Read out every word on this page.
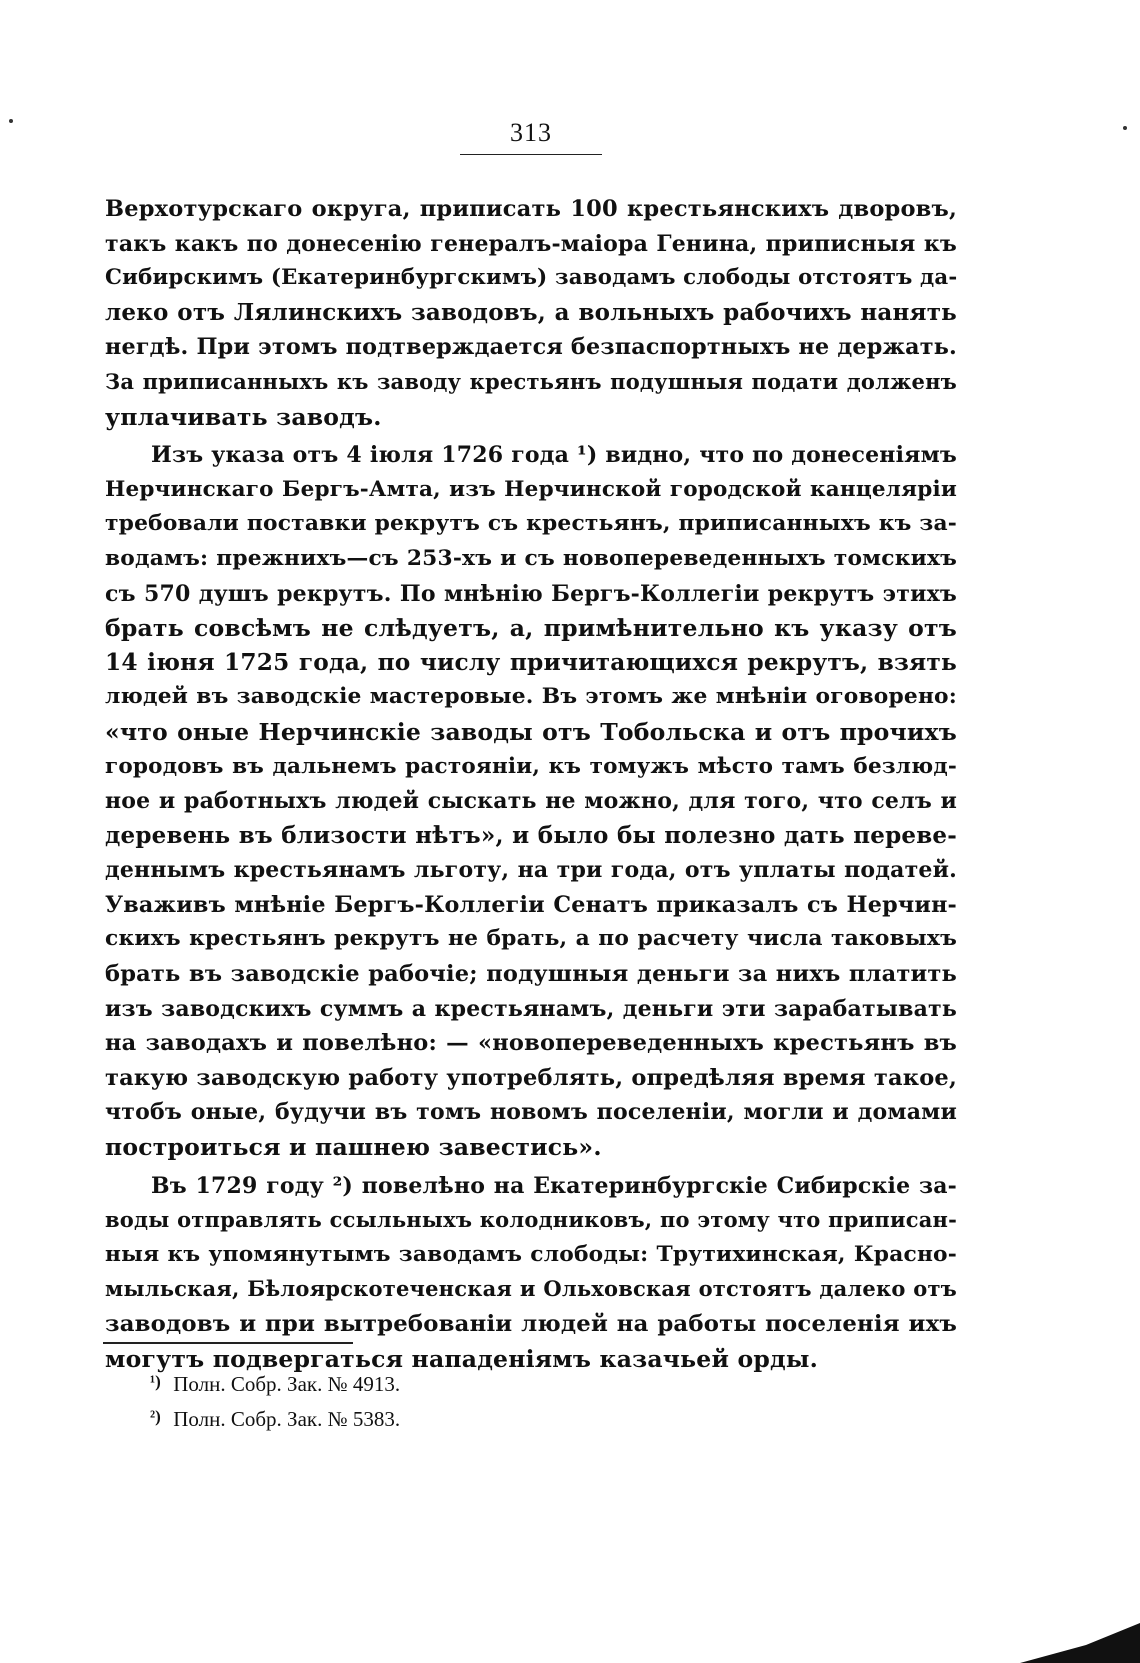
313
Верхотурскаго округа, приписать 100 крестьянскихъ дворовъ,
такъ какъ по донесенію генералъ-маіора Генина, приписныя къ
Сибирскимъ (Екатеринбургскимъ) заводамъ слободы отстоятъ да-
леко отъ Лялинскихъ заводовъ, а вольныхъ рабочихъ нанять
негдѣ. При этомъ подтверждается безпаспортныхъ не держать.
За приписанныхъ къ заводу крестьянъ подушныя подати долженъ
уплачивать заводъ.
Изъ указа отъ 4 іюля 1726 года ¹) видно, что по донесеніямъ
Нерчинскаго Бергъ-Амта, изъ Нерчинской городской канцеляріи
требовали поставки рекрутъ съ крестьянъ, приписанныхъ къ за-
водамъ: прежнихъ—съ 253-хъ и съ новопереведенныхъ томскихъ
съ 570 душъ рекрутъ. По мнѣнію Бергъ-Коллегіи рекрутъ этихъ
брать совсѣмъ не слѣдуетъ, а, примѣнительно къ указу отъ
14 іюня 1725 года, по числу причитающихся рекрутъ, взять
людей въ заводскіе мастеровые. Въ этомъ же мнѣніи оговорено:
«что оные Нерчинскіе заводы отъ Тобольска и отъ прочихъ
городовъ въ дальнемъ растояніи, къ томужъ мѣсто тамъ безлюд-
ное и работныхъ людей сыскать не можно, для того, что селъ и
деревень въ близости нѣтъ», и было бы полезно дать переве-
деннымъ крестьянамъ льготу, на три года, отъ уплаты податей.
Уваживъ мнѣніе Бергъ-Коллегіи Сенатъ приказалъ съ Нерчин-
скихъ крестьянъ рекрутъ не брать, а по расчету числа таковыхъ
брать въ заводскіе рабочіе; подушныя деньги за нихъ платить
изъ заводскихъ суммъ а крестьянамъ, деньги эти зарабатывать
на заводахъ и повелѣно: — «новопереведенныхъ крестьянъ въ
такую заводскую работу употреблять, опредѣляя время такое,
чтобъ оные, будучи въ томъ новомъ поселеніи, могли и домами
построиться и пашнею завестись».
Въ 1729 году ²) повелѣно на Екатеринбургскіе Сибирскіе за-
воды отправлять ссыльныхъ колодниковъ, по этому что приписан-
ныя къ упомянутымъ заводамъ слободы: Трутихинская, Красно-
мыльская, Бѣлоярскотеченская и Ольховская отстоятъ далеко отъ
заводовъ и при вытребованіи людей на работы поселенія ихъ
могутъ подвергаться нападеніямъ казачьей орды.
¹) Полн. Собр. Зак. № 4913.
²) Полн. Собр. Зак. № 5383.
